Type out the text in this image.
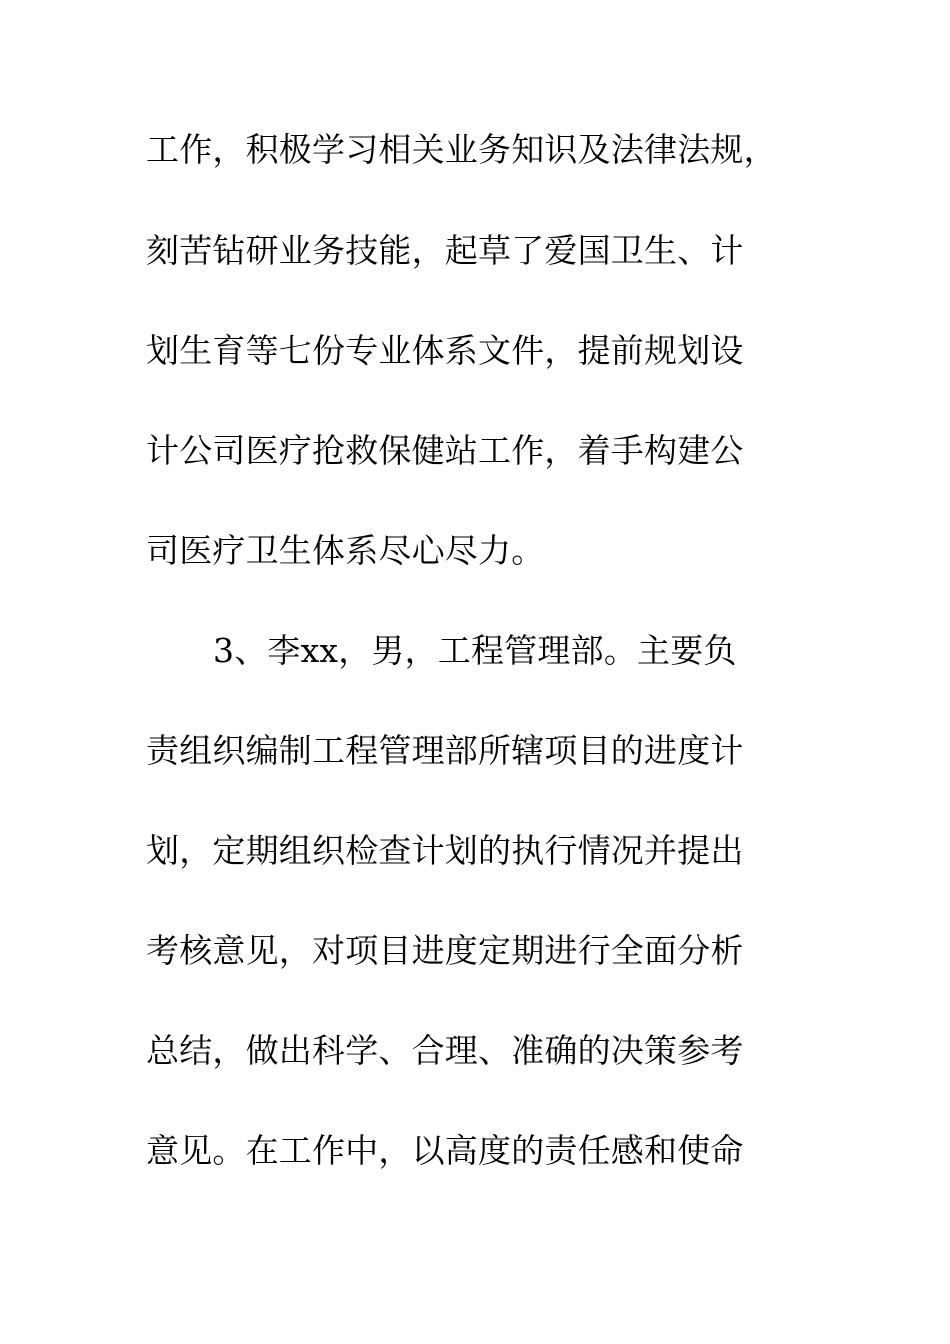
工作，积极学习相关业务知识及法律法规，
刻苦钻研业务技能，起草了爱国卫生、计
划生育等七份专业体系文件，提前规划设
计公司医疗抢救保健站工作，着手构建公
司医疗卫生体系尽心尽力。
3、李xx，男，工程管理部。主要负
责组织编制工程管理部所辖项目的进度计
划，定期组织检查计划的执行情况并提出
考核意见，对项目进度定期进行全面分析
总结，做出科学、合理、准确的决策参考
意见。在工作中，以高度的责任感和使命
